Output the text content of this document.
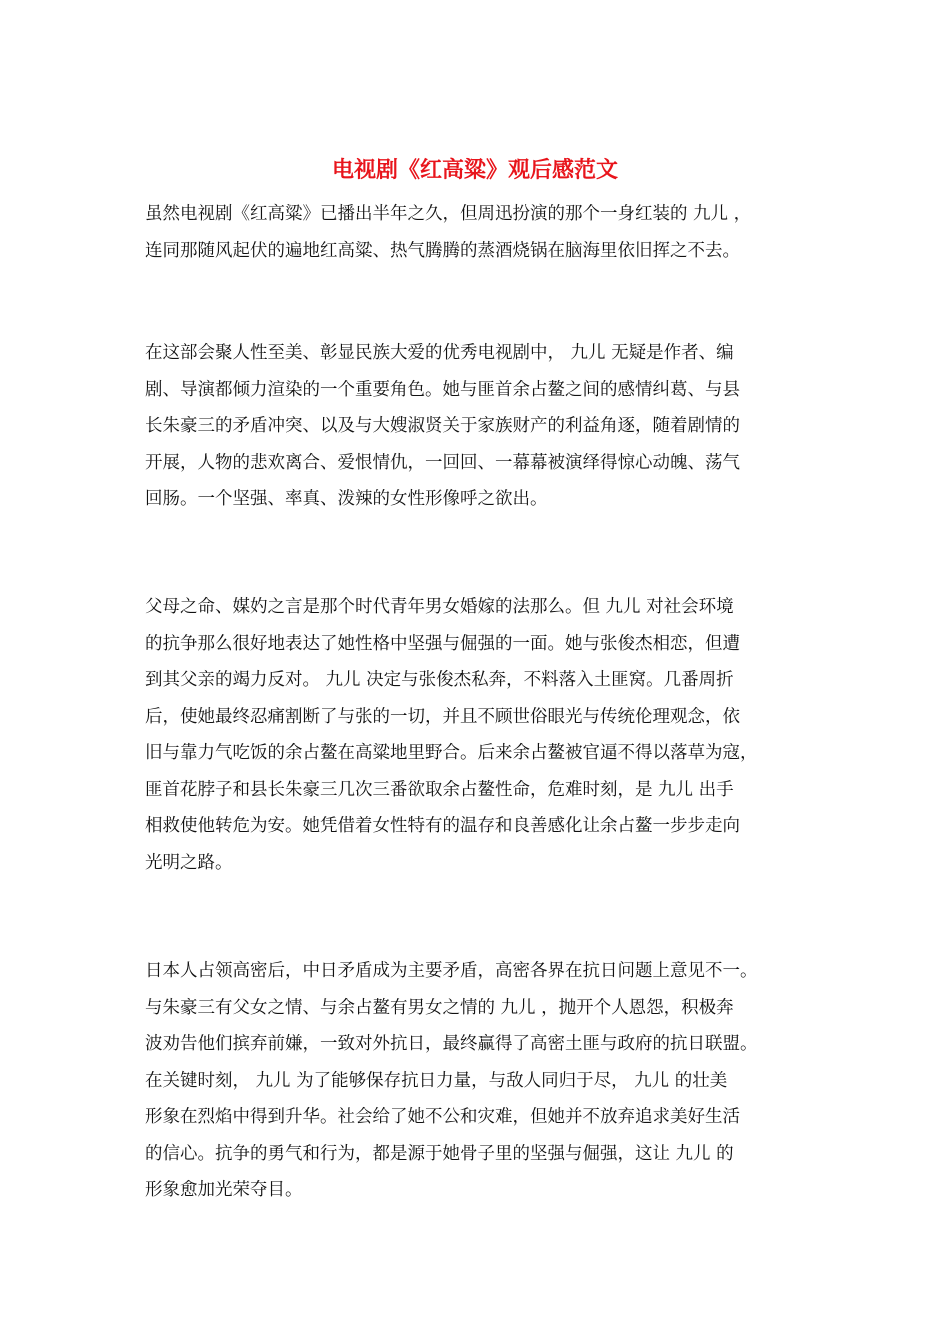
电视剧《红高粱》观后感范文

虽然电视剧《红高粱》已播出半年之久，但周迅扮演的那个一身红装的 九儿 ，
连同那随风起伏的遍地红高粱、热气腾腾的蒸酒烧锅在脑海里依旧挥之不去。

在这部会聚人性至美、彰显民族大爱的优秀电视剧中， 九儿 无疑是作者、编
剧、导演都倾力渲染的一个重要角色。她与匪首余占鳌之间的感情纠葛、与县
长朱豪三的矛盾冲突、以及与大嫂淑贤关于家族财产的利益角逐，随着剧情的
开展，人物的悲欢离合、爱恨情仇，一回回、一幕幕被演绎得惊心动魄、荡气
回肠。一个坚强、率真、泼辣的女性形像呼之欲出。

父母之命、媒妁之言是那个时代青年男女婚嫁的法那么。但 九儿 对社会环境
的抗争那么很好地表达了她性格中坚强与倔强的一面。她与张俊杰相恋，但遭
到其父亲的竭力反对。 九儿 决定与张俊杰私奔，不料落入土匪窝。几番周折
后，使她最终忍痛割断了与张的一切，并且不顾世俗眼光与传统伦理观念，依
旧与靠力气吃饭的余占鳌在高粱地里野合。后来余占鳌被官逼不得以落草为寇，
匪首花脖子和县长朱豪三几次三番欲取余占鳌性命，危难时刻，是 九儿 出手
相救使他转危为安。她凭借着女性特有的温存和良善感化让余占鳌一步步走向
光明之路。

日本人占领高密后，中日矛盾成为主要矛盾，高密各界在抗日问题上意见不一。
与朱豪三有父女之情、与余占鳌有男女之情的 九儿 ，抛开个人恩怨，积极奔
波劝告他们摈弃前嫌，一致对外抗日，最终赢得了高密土匪与政府的抗日联盟。
在关键时刻， 九儿 为了能够保存抗日力量，与敌人同归于尽， 九儿 的壮美
形象在烈焰中得到升华。社会给了她不公和灾难，但她并不放弃追求美好生活
的信心。抗争的勇气和行为，都是源于她骨子里的坚强与倔强，这让 九儿 的
形象愈加光荣夺目。
